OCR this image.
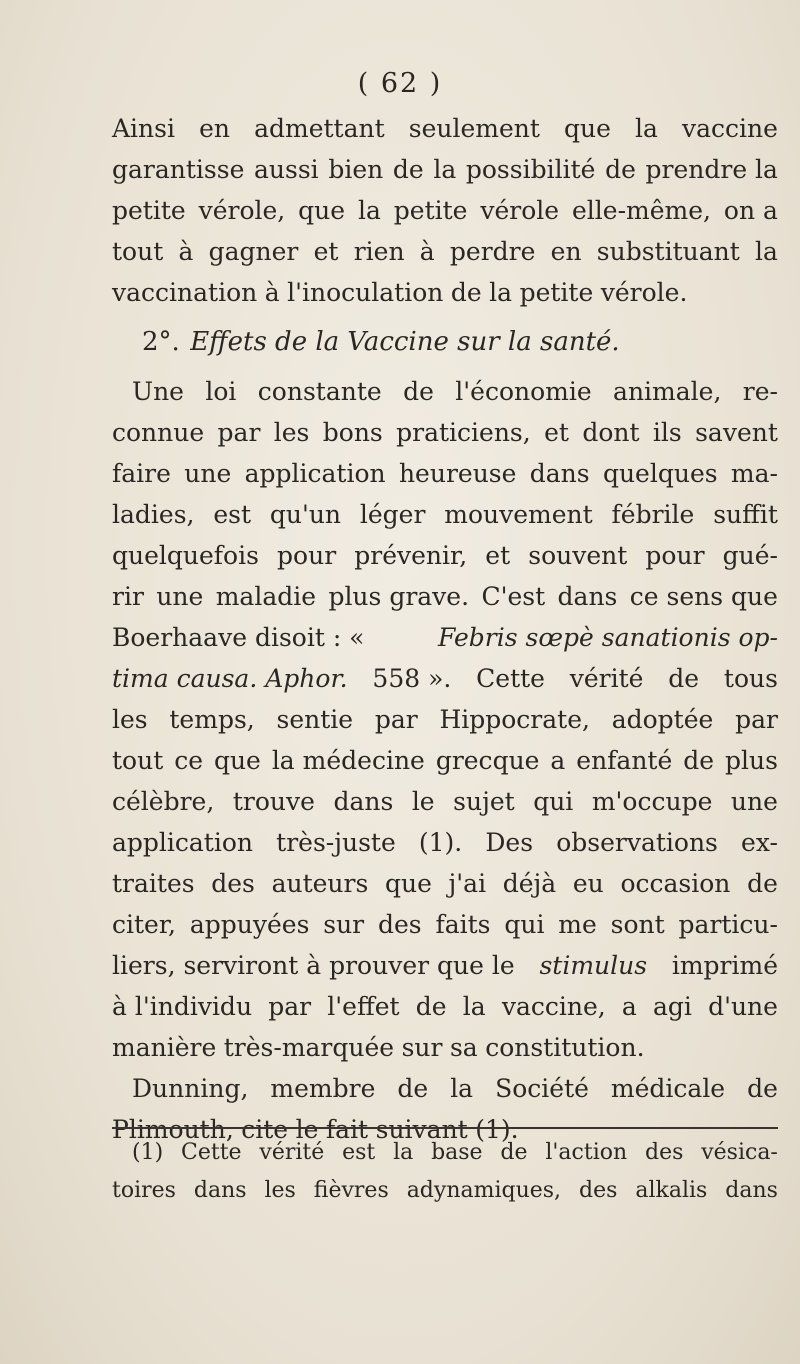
( 62 )
Ainsi en admettant seulement que la vaccine
garantisse aussi bien de la possibilité de prendre la
petite vérole, que la petite vérole elle-même, on a
tout à gagner et rien à perdre en substituant la
vaccination à l'inoculation de la petite vérole.
2°. Effets de la Vaccine sur la santé.
Une loi constante de l'économie animale, re-
connue par les bons praticiens, et dont ils savent
faire une application heureuse dans quelques ma-
ladies, est qu'un léger mouvement fébrile suffit
quelquefois pour prévenir, et souvent pour gué-
rir une maladie plus grave. C'est dans ce sens que
Boerhaave disoit : «	Febris sœpè sanationis op-
tima causa. Aphor. 558 ». Cette vérité de tous
les temps, sentie par Hippocrate, adoptée par
tout ce que la médecine grecque a enfanté de plus
célèbre, trouve dans le sujet qui m'occupe une
application très-juste (1). Des observations ex-
traites des auteurs que j'ai déjà eu occasion de
citer, appuyées sur des faits qui me sont particu-
liers, serviront à prouver que le stimulus imprimé
à l'individu par l'effet de la vaccine, a agi d'une
manière très-marquée sur sa constitution.
Dunning, membre de la Société médicale de
Plimouth, cite le fait suivant (1).
(1) Cette vérité est la base de l'action des vésica-
toires dans les fièvres adynamiques, des alkalis dans
